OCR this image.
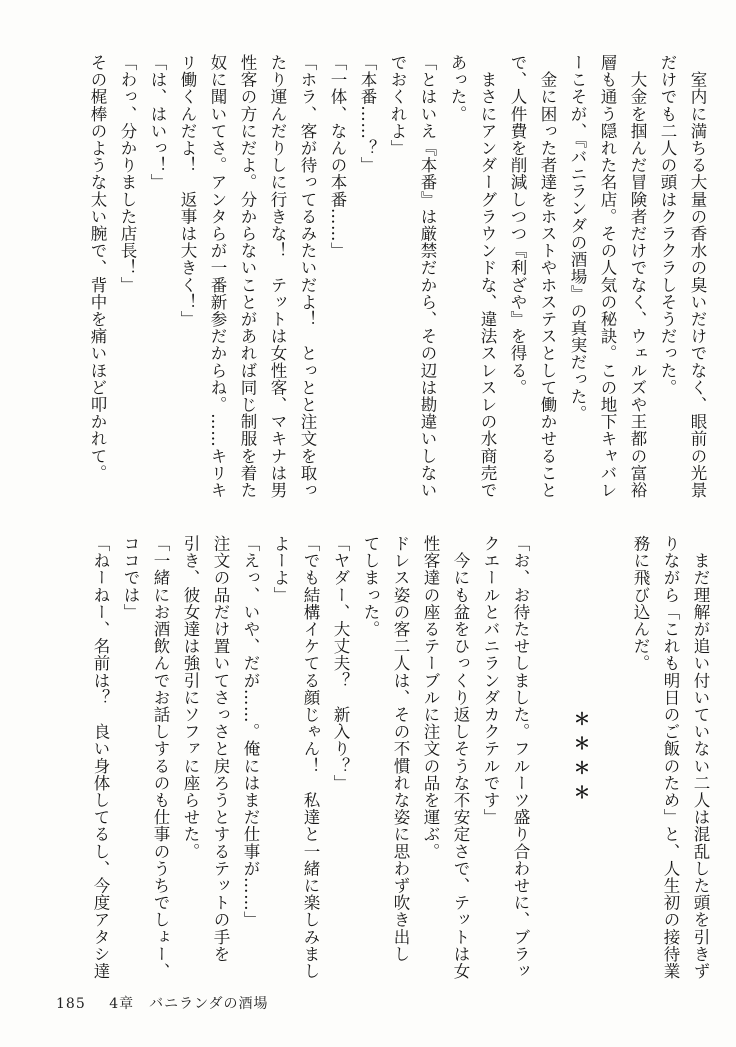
　室内に満ちる大量の香水の臭いだけでなく、眼前の光景
だけでも二人の頭はクラクラしそうだった。
　大金を掴んだ冒険者だけでなく、ウェルズや王都の富裕
層も通う隠れた名店。その人気の秘訣。この地下キャバレ
ーこそが、『バニランダの酒場』の真実だった。
　金に困った者達をホストやホステスとして働かせること
で、人件費を削減しつつ『利ざや』を得る。
　まさにアンダーグラウンドな、違法スレスレの水商売で
あった。
「とはいえ『本番』は厳禁だから、その辺は勘違いしない
でおくれよ」
「本番……？」
「一体、なんの本番……」
「ホラ、客が待ってるみたいだよ！　とっとと注文を取っ
たり運んだりしに行きな！　テットは女性客、マキナは男
性客の方にだよ。分からないことがあれば同じ制服を着た
奴に聞いてさ。アンタらが一番新参だからね。……キリキ
リ働くんだよ！　返事は大きく！」
「は、はいっ！」
「わっ、分かりました店長！」
その梶棒のような太い腕で、背中を痛いほど叩かれて。
　まだ理解が追い付いていない二人は混乱した頭を引きず
りながら「これも明日のご飯のため」と、人生初の接待業
務に飛び込んだ。
＊＊＊＊
「お、お待たせしました。フルーツ盛り合わせに、ブラッ
クエールとバニランダカクテルです」
　今にも盆をひっくり返しそうな不安定さで、テットは女
性客達の座るテーブルに注文の品を運ぶ。
ドレス姿の客二人は、その不慣れな姿に思わず吹き出し
てしまった。
「ヤダー、大丈夫？　新入り？」
「でも結構イケてる顔じゃん！　私達と一緒に楽しみまし
よーよ」
「えっ、いや、だが……。俺にはまだ仕事が……」
注文の品だけ置いてさっさと戻ろうとするテットの手を
引き、彼女達は強引にソファに座らせた。
「一緒にお酒飲んでお話しするのも仕事のうちでしょー、
ココでは」
「ねーねー、名前は？　良い身体してるし、今度アタシ達
185 4章　バニランダの酒場
